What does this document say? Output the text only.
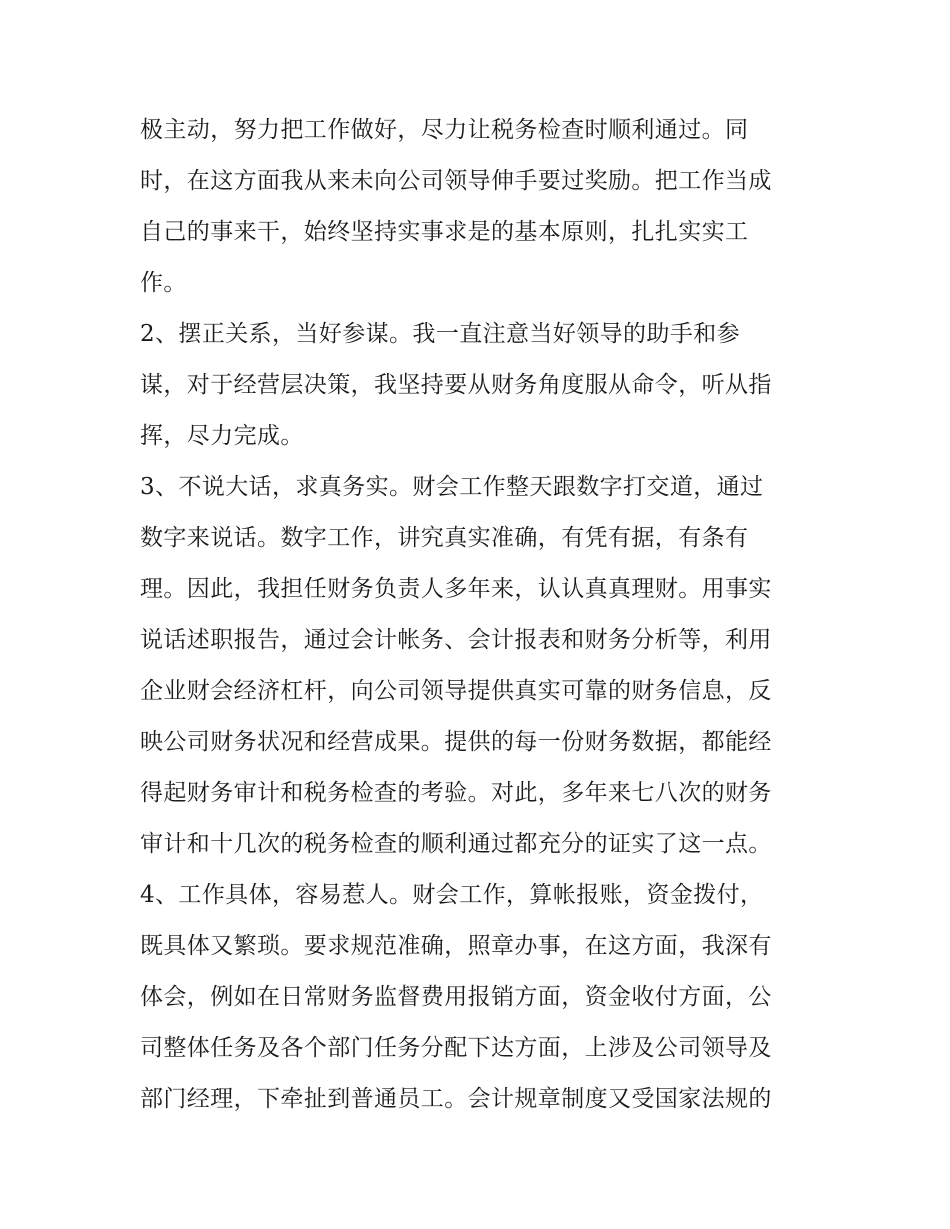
极主动，努力把工作做好，尽力让税务检查时顺利通过。同
时，在这方面我从来未向公司领导伸手要过奖励。把工作当成
自己的事来干，始终坚持实事求是的基本原则，扎扎实实工
作。
2、摆正关系，当好参谋。我一直注意当好领导的助手和参
谋，对于经营层决策，我坚持要从财务角度服从命令，听从指
挥，尽力完成。
3、不说大话，求真务实。财会工作整天跟数字打交道，通过
数字来说话。数字工作，讲究真实准确，有凭有据，有条有
理。因此，我担任财务负责人多年来，认认真真理财。用事实
说话述职报告，通过会计帐务、会计报表和财务分析等，利用
企业财会经济杠杆，向公司领导提供真实可靠的财务信息，反
映公司财务状况和经营成果。提供的每一份财务数据，都能经
得起财务审计和税务检查的考验。对此，多年来七八次的财务
审计和十几次的税务检查的顺利通过都充分的证实了这一点。
4、工作具体，容易惹人。财会工作，算帐报账，资金拨付，
既具体又繁琐。要求规范准确，照章办事，在这方面，我深有
体会，例如在日常财务监督费用报销方面，资金收付方面，公
司整体任务及各个部门任务分配下达方面，上涉及公司领导及
部门经理，下牵扯到普通员工。会计规章制度又受国家法规的
